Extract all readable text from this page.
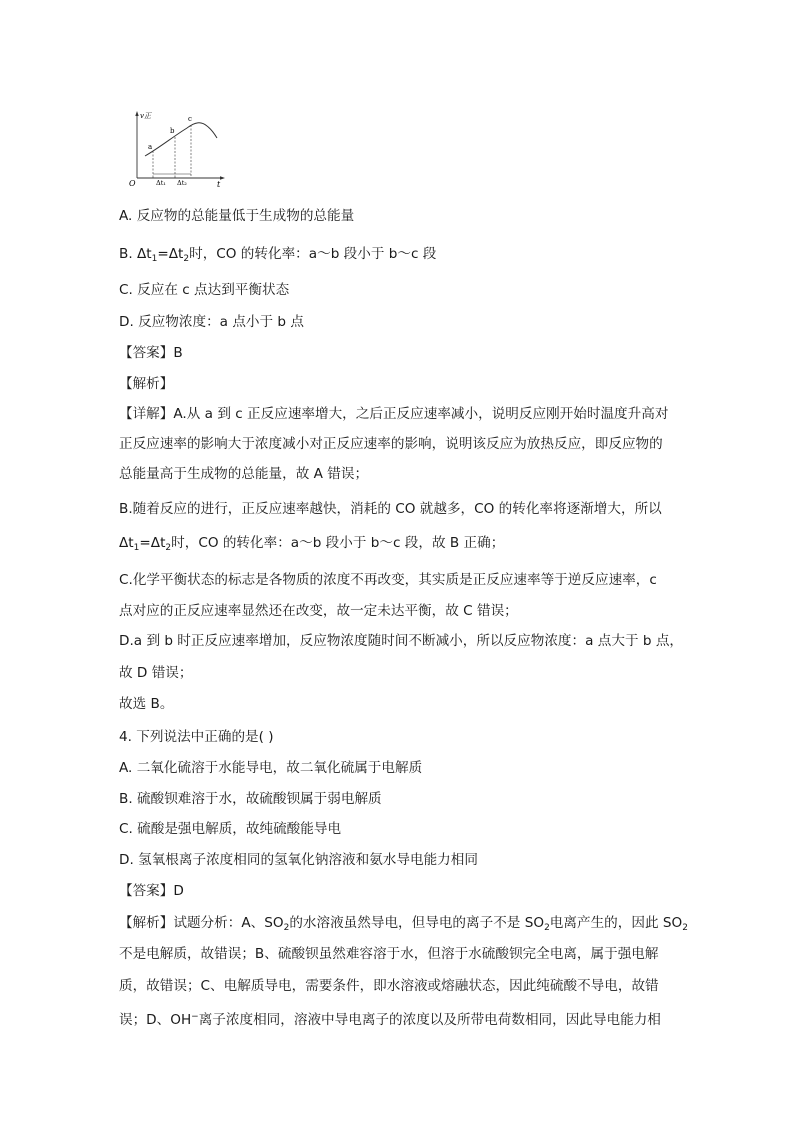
v正
O	t
a
b
c
Δt₁ Δt₂
A. 反应物的总能量低于生成物的总能量
B. $\Delta t_1=\Delta t_2$时，CO 的转化率：a～b 段小于 b～c 段
C. 反应在 c 点达到平衡状态
D. 反应物浓度：a 点小于 b 点
【答案】B
【解析】
【详解】A.从 a 到 c 正反应速率增大，之后正反应速率减小，说明反应刚开始时温度升高对
正反应速率的影响大于浓度减小对正反应速率的影响，说明该反应为放热反应，即反应物的
总能量高于生成物的总能量，故 A 错误；
B.随着反应的进行，正反应速率越快，消耗的 CO 就越多，CO 的转化率将逐渐增大，所以
$\Delta t_1=\Delta t_2$时，CO 的转化率：a～b 段小于 b～c 段，故 B 正确；
C.化学平衡状态的标志是各物质的浓度不再改变，其实质是正反应速率等于逆反应速率，c
点对应的正反应速率显然还在改变，故一定未达平衡，故 C 错误；
D.a 到 b 时正反应速率增加，反应物浓度随时间不断减小，所以反应物浓度：a 点大于 b 点，
故 D 错误；
故选 B。
4. 下列说法中正确的是( )
A. 二氧化硫溶于水能导电，故二氧化硫属于电解质
B. 硫酸钡难溶于水，故硫酸钡属于弱电解质
C. 硫酸是强电解质，故纯硫酸能导电
D. 氢氧根离子浓度相同的氢氧化钠溶液和氨水导电能力相同
【答案】D
【解析】试题分析：A、$SO_2$的水溶液虽然导电，但导电的离子不是 $SO_2$电离产生的，因此 $SO_2$
不是电解质，故错误；B、硫酸钡虽然难容溶于水，但溶于水硫酸钡完全电离，属于强电解
质，故错误；C、电解质导电，需要条件，即水溶液或熔融状态，因此纯硫酸不导电，故错
误；D、OH−离子浓度相同，溶液中导电离子的浓度以及所带电荷数相同，因此导电能力相
